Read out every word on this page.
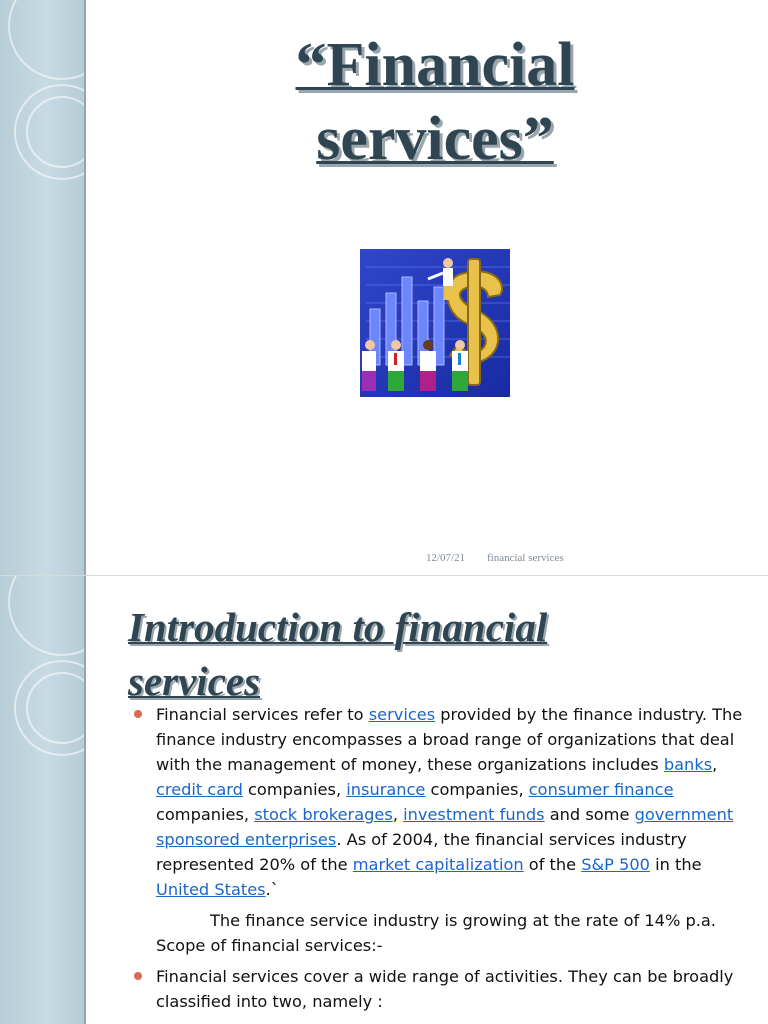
“Financial
services”
12/07/21 financial services
Introduction to financial
services

Financial services refer to services provided by the finance industry. The finance industry encompasses a broad range of organizations that deal with the management of money, these organizations includes banks, credit card companies, insurance companies, consumer finance companies, stock brokerages, investment funds and some government sponsored enterprises. As of 2004, the financial services industry represented 20% of the market capitalization of the S&P 500 in the United States.`

The finance service industry is growing at the rate of 14% p.a. Scope of financial services:-

Financial services cover a wide range of activities. They can be broadly classified into two, namely :
